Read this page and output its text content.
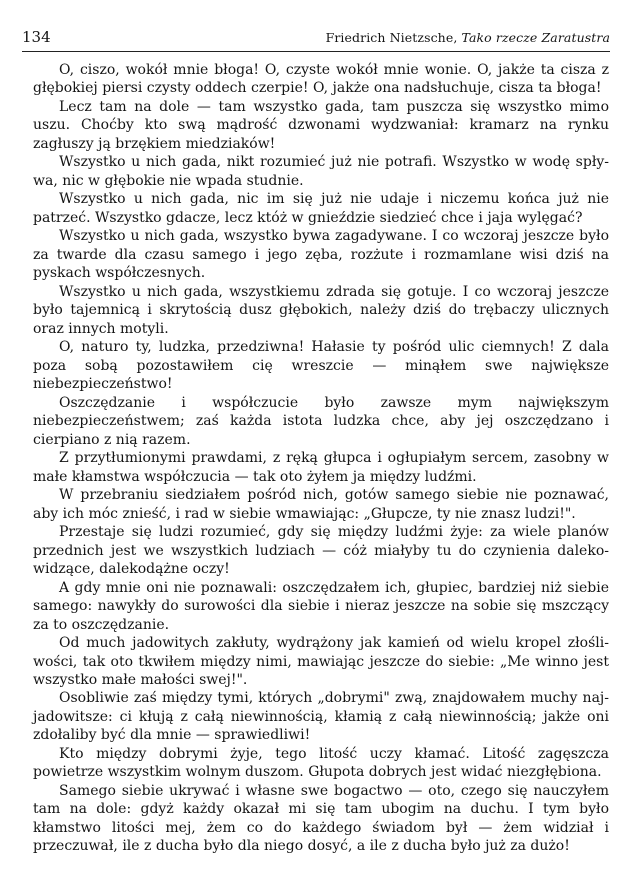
134	Friedrich Nietzsche, Tako rzecze Zaratustra

O, ciszo, wokół mnie błoga! O, czyste wokół mnie wonie. O, jakże ta cisza z głębokiej piersi czysty oddech czerpie! O, jakże ona nadsłuchuje, cisza ta błoga!

Lecz tam na dole — tam wszystko gada, tam puszcza się wszystko mimo uszu. Choćby kto swą mądrość dzwonami wydzwaniał: kramarz na rynku zagłuszy ją brzękiem miedziaków!

Wszystko u nich gada, nikt rozumieć już nie potrafi. Wszystko w wodę spływa, nic w głębokie nie wpada studnie.

Wszystko u nich gada, nic im się już nie udaje i niczemu końca już nie patrzeć. Wszystko gdacze, lecz któż w gnieździe siedzieć chce i jaja wylęgać?

Wszystko u nich gada, wszystko bywa zagadywane. I co wczoraj jeszcze było za twarde dla czasu samego i jego zęba, rozżute i rozmamlane wisi dziś na pyskach współczesnych.

Wszystko u nich gada, wszystkiemu zdrada się gotuje. I co wczoraj jeszcze było tajemnicą i skrytością dusz głębokich, należy dziś do trębaczy ulicznych oraz innych motyli.

O, naturo ty, ludzka, przedziwna! Hałasie ty pośród ulic ciemnych! Z dala poza sobą pozostawiłem cię wreszcie — minąłem swe największe niebezpieczeństwo!

Oszczędzanie i współczucie było zawsze mym największym niebezpieczeństwem; zaś każda istota ludzka chce, aby jej oszczędzano i cierpiano z nią razem.

Z przytłumionymi prawdami, z ręką głupca i ogłupiałym sercem, zasobny w małe kłamstwa współczucia — tak oto żyłem ja między ludźmi.

W przebraniu siedziałem pośród nich, gotów samego siebie nie poznawać, aby ich móc znieść, i rad w siebie wmawiając: „Głupcze, ty nie znasz ludzi!".

Przestaje się ludzi rozumieć, gdy się między ludźmi żyje: za wiele planów przednich jest we wszystkich ludziach — cóż miałyby tu do czynienia dalekowidzące, dalekodążne oczy!

A gdy mnie oni nie poznawali: oszczędzałem ich, głupiec, bardziej niż siebie samego: nawykły do surowości dla siebie i nieraz jeszcze na sobie się mszczący za to oszczędzanie.

Od much jadowitych zakłuty, wydrążony jak kamień od wielu kropel złośliwości, tak oto tkwiłem między nimi, mawiając jeszcze do siebie: „Me winno jest wszystko małe małości swej!".

Osobliwie zaś między tymi, których „dobrymi" zwą, znajdowałem muchy najjadowitsze: ci kłują z całą niewinnością, kłamią z całą niewinnością; jakże oni zdołaliby być dla mnie — sprawiedliwi!

Kto między dobrymi żyje, tego litość uczy kłamać. Litość zagęszcza powietrze wszystkim wolnym duszom. Głupota dobrych jest widać niezgłębiona.

Samego siebie ukrywać i własne swe bogactwo — oto, czego się nauczyłem tam na dole: gdyż każdy okazał mi się tam ubogim na duchu. I tym było kłamstwo litości mej, żem co do każdego świadom był — żem widział i przeczuwał, ile z ducha było dla niego dosyć, a ile z ducha było już za dużo!
